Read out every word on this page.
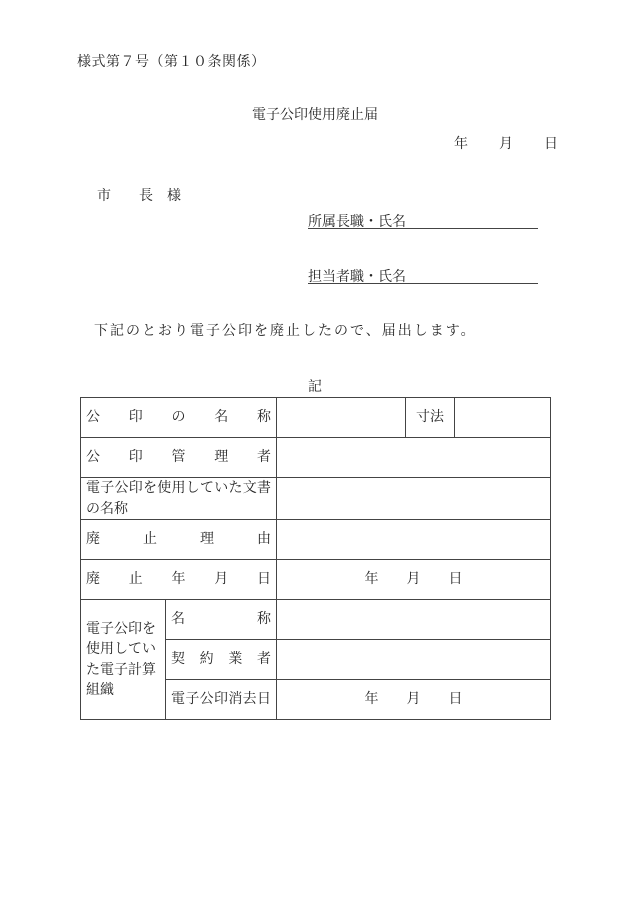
様式第７号（第１０条関係）
電子公印使用廃止届
年　　月　　日
市　　長　様
所属長職・氏名
担当者職・氏名
下記のとおり電子公印を廃止したので、届出します。
記
公　印　の　名　称			寸法	
公　印　管　理　者				
電子公印を使用していた文書の名称				
廃　止　理　由				
廃　止　年　月　日		年　　月　　日		
電子公印を使用していた電子計算組織	名　　　　称			
	契　約　業　者			
	電子公印消去日	年　　月　　日		
